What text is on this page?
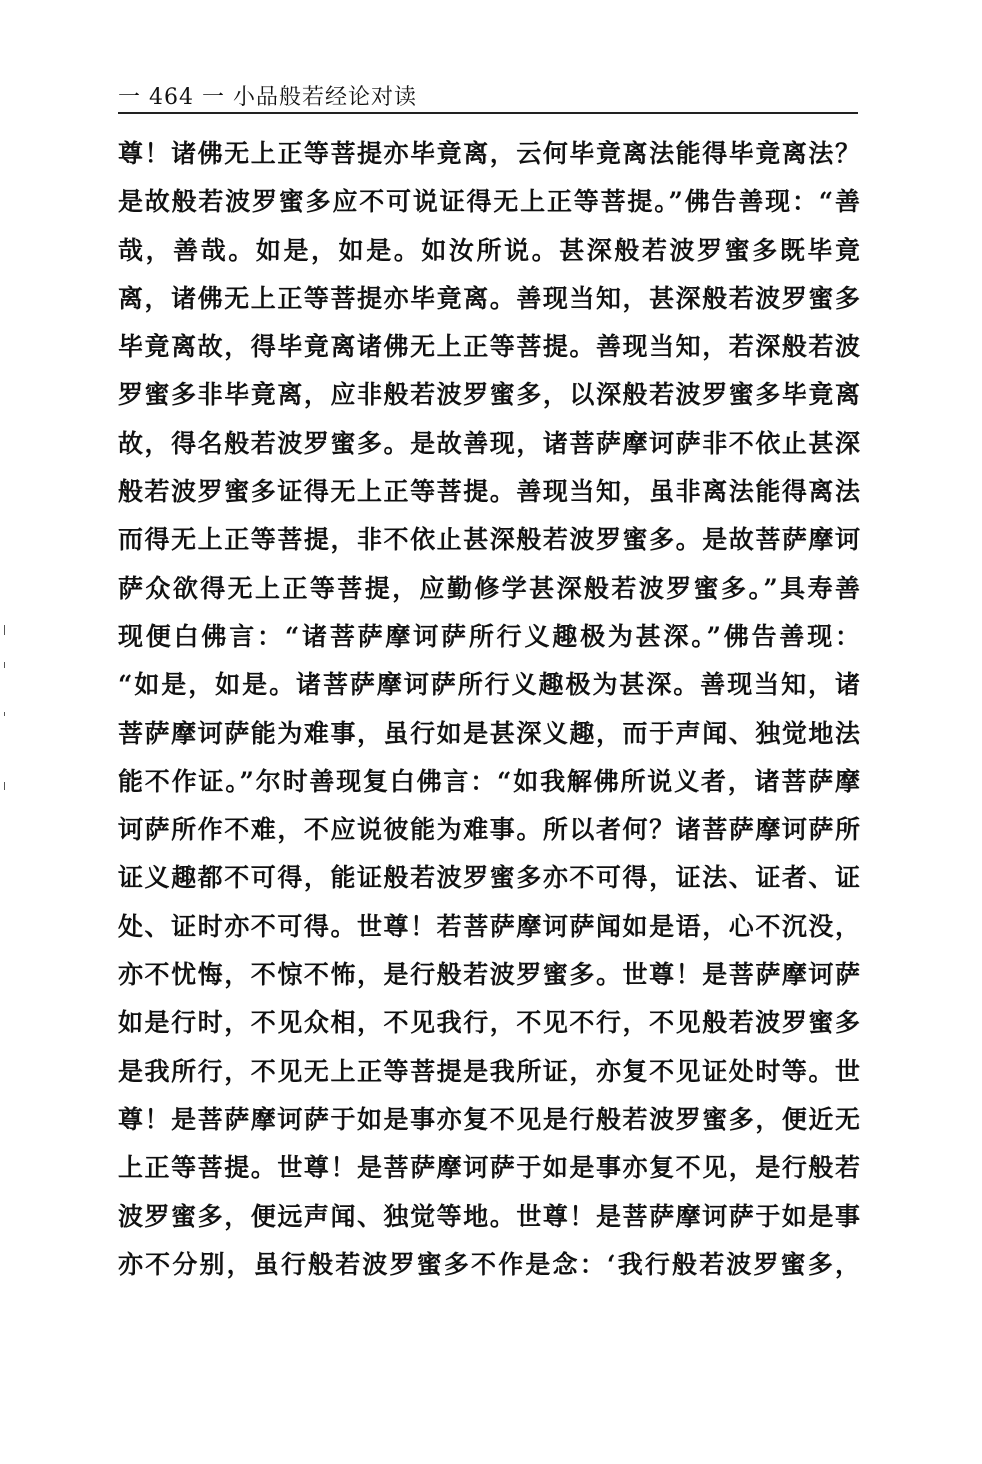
一 464 一 小品般若经论对读
尊！诸佛无上正等菩提亦毕竟离，云何毕竟离法能得毕竟离法？
是故般若波罗蜜多应不可说证得无上正等菩提。”佛告善现：“善
哉，善哉。如是，如是。如汝所说。甚深般若波罗蜜多既毕竟
离，诸佛无上正等菩提亦毕竟离。善现当知，甚深般若波罗蜜多
毕竟离故，得毕竟离诸佛无上正等菩提。善现当知，若深般若波
罗蜜多非毕竟离，应非般若波罗蜜多，以深般若波罗蜜多毕竟离
故，得名般若波罗蜜多。是故善现，诸菩萨摩诃萨非不依止甚深
般若波罗蜜多证得无上正等菩提。善现当知，虽非离法能得离法
而得无上正等菩提，非不依止甚深般若波罗蜜多。是故菩萨摩诃
萨众欲得无上正等菩提，应勤修学甚深般若波罗蜜多。”具寿善
现便白佛言：“诸菩萨摩诃萨所行义趣极为甚深。”佛告善现：
“如是，如是。诸菩萨摩诃萨所行义趣极为甚深。善现当知，诸
菩萨摩诃萨能为难事，虽行如是甚深义趣，而于声闻、独觉地法
能不作证。”尔时善现复白佛言：“如我解佛所说义者，诸菩萨摩
诃萨所作不难，不应说彼能为难事。所以者何？诸菩萨摩诃萨所
证义趣都不可得，能证般若波罗蜜多亦不可得，证法、证者、证
处、证时亦不可得。世尊！若菩萨摩诃萨闻如是语，心不沉没，
亦不忧悔，不惊不怖，是行般若波罗蜜多。世尊！是菩萨摩诃萨
如是行时，不见众相，不见我行，不见不行，不见般若波罗蜜多
是我所行，不见无上正等菩提是我所证，亦复不见证处时等。世
尊！是菩萨摩诃萨于如是事亦复不见是行般若波罗蜜多，便近无
上正等菩提。世尊！是菩萨摩诃萨于如是事亦复不见，是行般若
波罗蜜多，便远声闻、独觉等地。世尊！是菩萨摩诃萨于如是事
亦不分别，虽行般若波罗蜜多不作是念：‘我行般若波罗蜜多，
